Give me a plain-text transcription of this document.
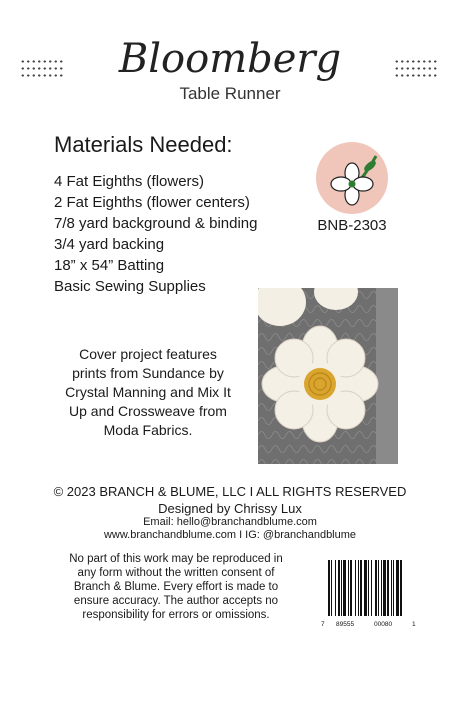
Bloomberg
Table Runner
Materials Needed:
4 Fat Eighths (flowers)
2 Fat Eighths (flower centers)
7/8 yard background & binding
3/4 yard backing
18” x 54” Batting
Basic Sewing Supplies
BNB-2303
Cover project features
prints from Sundance by
Crystal Manning and Mix It
Up and Crossweave from
Moda Fabrics.
© 2023 BRANCH & BLUME, LLC I ALL RIGHTS RESERVED
Designed by Chrissy Lux
Email: hello@branchandblume.com
www.branchandblume.com I IG: @branchandblume
No part of this work may be reproduced in
any form without the written consent of
Branch & Blume. Every effort is made to
ensure accuracy. The author accepts no
responsibility for errors or omissions.
7 89555	00080	1
